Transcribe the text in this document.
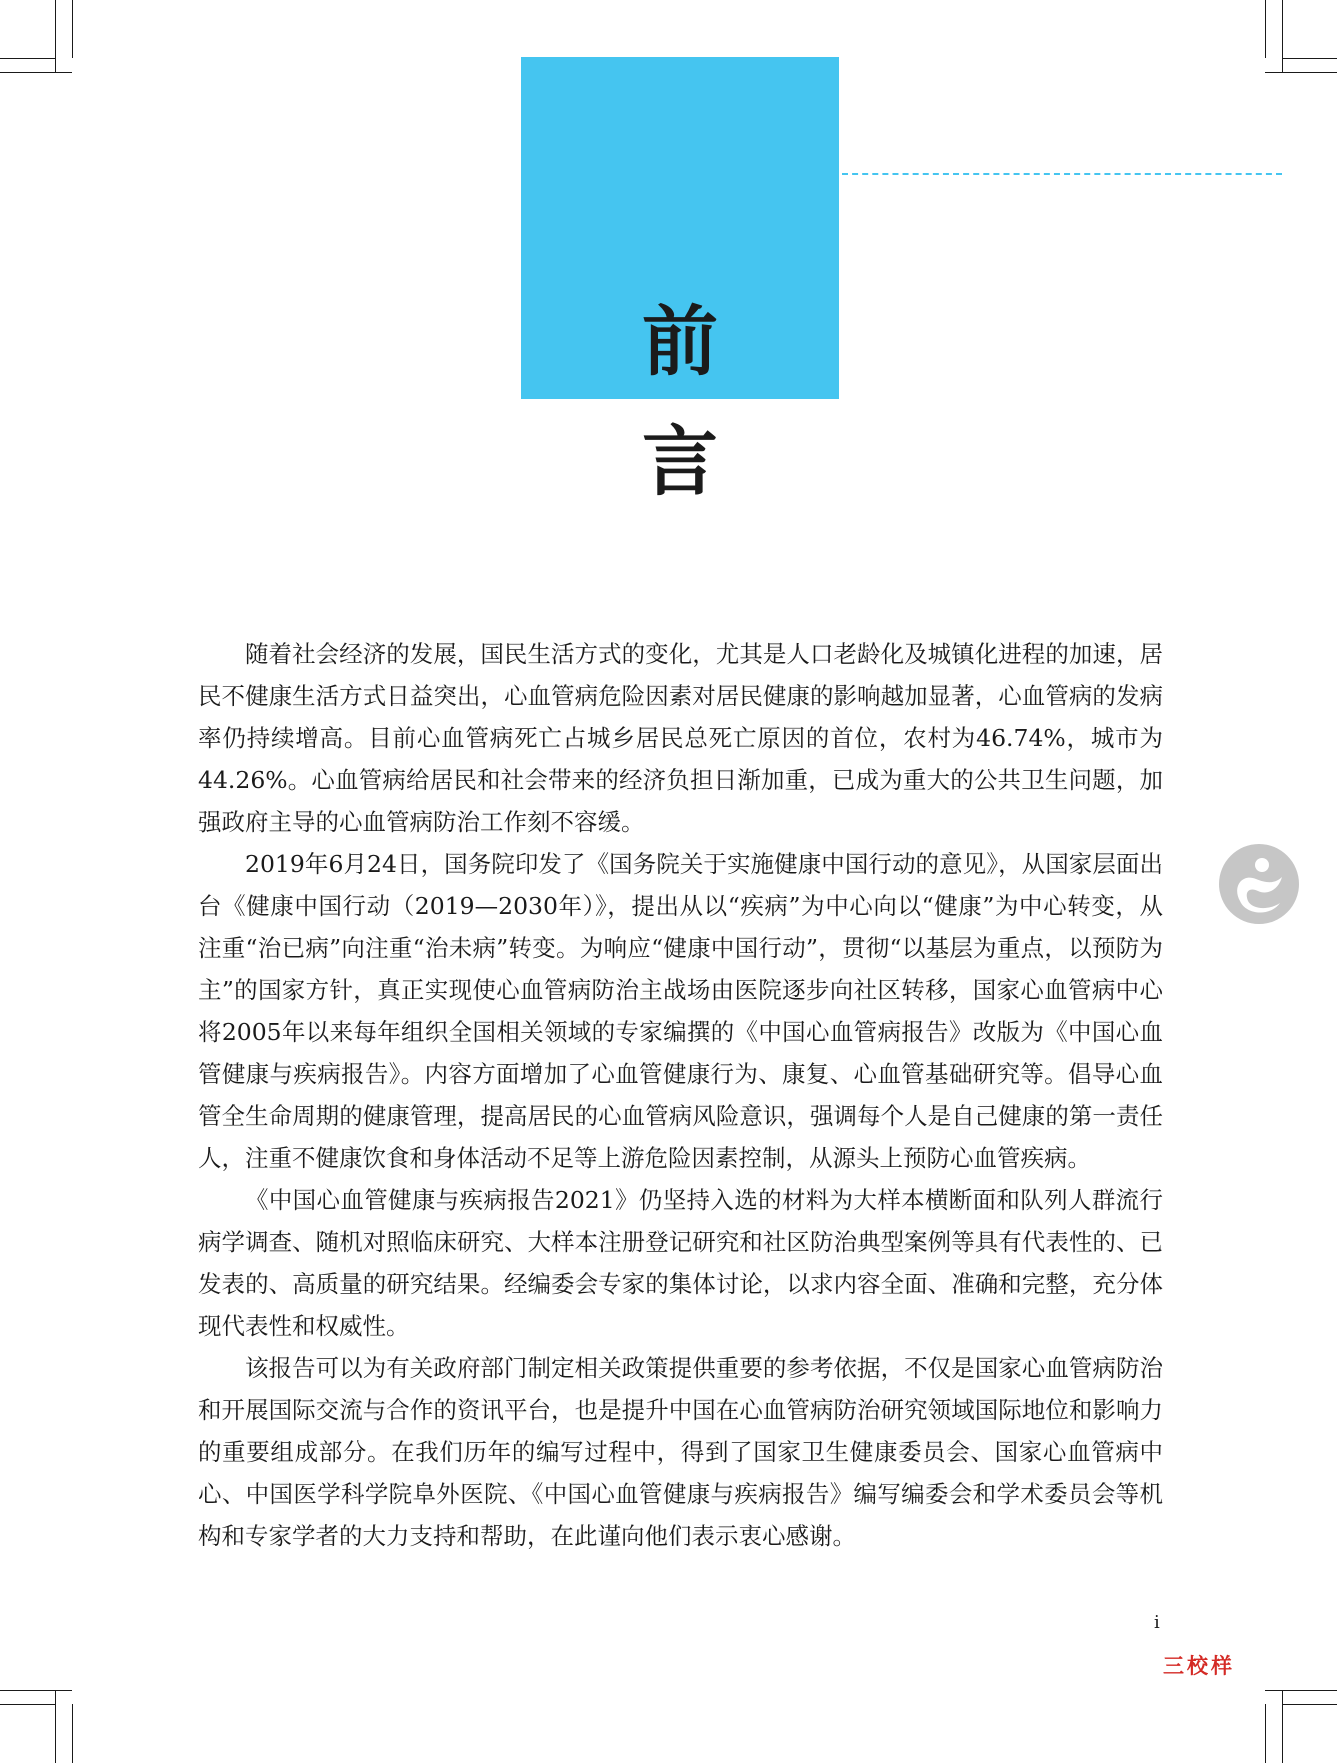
前言

随着社会经济的发展，国民生活方式的变化，尤其是人口老龄化及城镇化进程的加速，居民不健康生活方式日益突出，心血管病危险因素对居民健康的影响越加显著，心血管病的发病率仍持续增高。目前心血管病死亡占城乡居民总死亡原因的首位，农村为46.74%，城市为44.26%。心血管病给居民和社会带来的经济负担日渐加重，已成为重大的公共卫生问题，加强政府主导的心血管病防治工作刻不容缓。

2019年6月24日，国务院印发了《国务院关于实施健康中国行动的意见》，从国家层面出台《健康中国行动（2019—2030年）》，提出从以“疾病”为中心向以“健康”为中心转变，从注重“治已病”向注重“治未病”转变。为响应“健康中国行动”，贯彻“以基层为重点，以预防为主”的国家方针，真正实现使心血管病防治主战场由医院逐步向社区转移，国家心血管病中心将2005年以来每年组织全国相关领域的专家编撰的《中国心血管病报告》改版为《中国心血管健康与疾病报告》。内容方面增加了心血管健康行为、康复、心血管基础研究等。倡导心血管全生命周期的健康管理，提高居民的心血管病风险意识，强调每个人是自己健康的第一责任人，注重不健康饮食和身体活动不足等上游危险因素控制，从源头上预防心血管疾病。

《中国心血管健康与疾病报告2021》仍坚持入选的材料为大样本横断面和队列人群流行病学调查、随机对照临床研究、大样本注册登记研究和社区防治典型案例等具有代表性的、已发表的、高质量的研究结果。经编委会专家的集体讨论，以求内容全面、准确和完整，充分体现代表性和权威性。

该报告可以为有关政府部门制定相关政策提供重要的参考依据，不仅是国家心血管病防治和开展国际交流与合作的资讯平台，也是提升中国在心血管病防治研究领域国际地位和影响力的重要组成部分。在我们历年的编写过程中，得到了国家卫生健康委员会、国家心血管病中心、中国医学科学院阜外医院、《中国心血管健康与疾病报告》编写编委会和学术委员会等机构和专家学者的大力支持和帮助，在此谨向他们表示衷心感谢。

i
三校样
